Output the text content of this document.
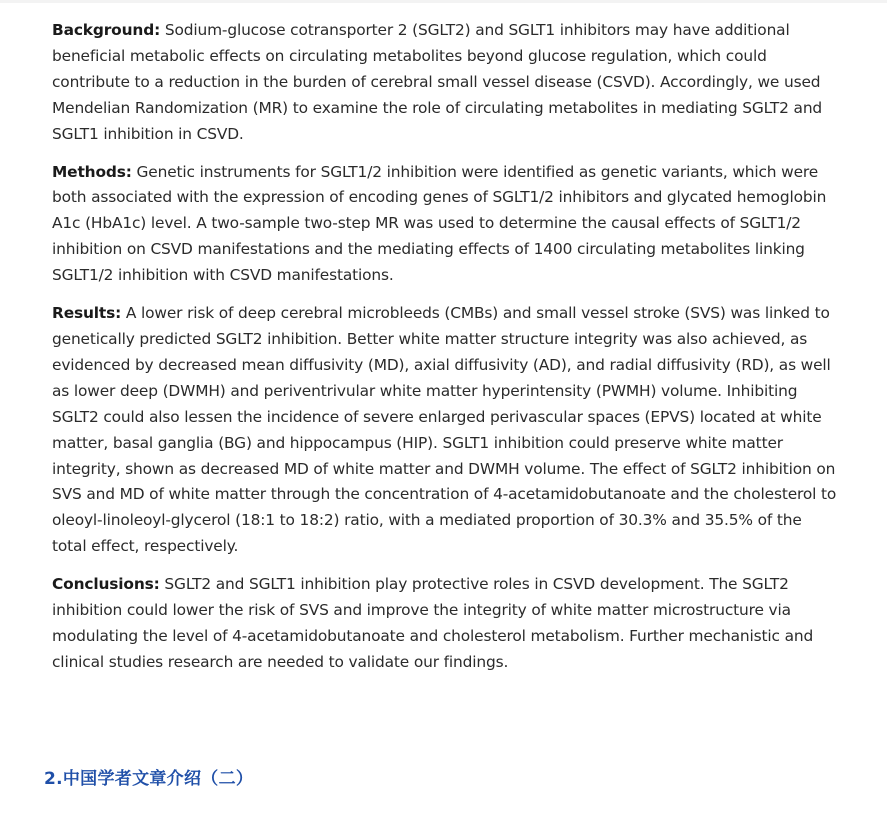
Background: Sodium-glucose cotransporter 2 (SGLT2) and SGLT1 inhibitors may have additional beneficial metabolic effects on circulating metabolites beyond glucose regulation, which could contribute to a reduction in the burden of cerebral small vessel disease (CSVD). Accordingly, we used Mendelian Randomization (MR) to examine the role of circulating metabolites in mediating SGLT2 and SGLT1 inhibition in CSVD.

Methods: Genetic instruments for SGLT1/2 inhibition were identified as genetic variants, which were both associated with the expression of encoding genes of SGLT1/2 inhibitors and glycated hemoglobin A1c (HbA1c) level. A two-sample two-step MR was used to determine the causal effects of SGLT1/2 inhibition on CSVD manifestations and the mediating effects of 1400 circulating metabolites linking SGLT1/2 inhibition with CSVD manifestations.

Results: A lower risk of deep cerebral microbleeds (CMBs) and small vessel stroke (SVS) was linked to genetically predicted SGLT2 inhibition. Better white matter structure integrity was also achieved, as evidenced by decreased mean diffusivity (MD), axial diffusivity (AD), and radial diffusivity (RD), as well as lower deep (DWMH) and periventrivular white matter hyperintensity (PWMH) volume. Inhibiting SGLT2 could also lessen the incidence of severe enlarged perivascular spaces (EPVS) located at white matter, basal ganglia (BG) and hippocampus (HIP). SGLT1 inhibition could preserve white matter integrity, shown as decreased MD of white matter and DWMH volume. The effect of SGLT2 inhibition on SVS and MD of white matter through the concentration of 4-acetamidobutanoate and the cholesterol to oleoyl-linoleoyl-glycerol (18:1 to 18:2) ratio, with a mediated proportion of 30.3% and 35.5% of the total effect, respectively.

Conclusions: SGLT2 and SGLT1 inhibition play protective roles in CSVD development. The SGLT2 inhibition could lower the risk of SVS and improve the integrity of white matter microstructure via modulating the level of 4-acetamidobutanoate and cholesterol metabolism. Further mechanistic and clinical studies research are needed to validate our findings.

2.中国学者文章介绍（二）
